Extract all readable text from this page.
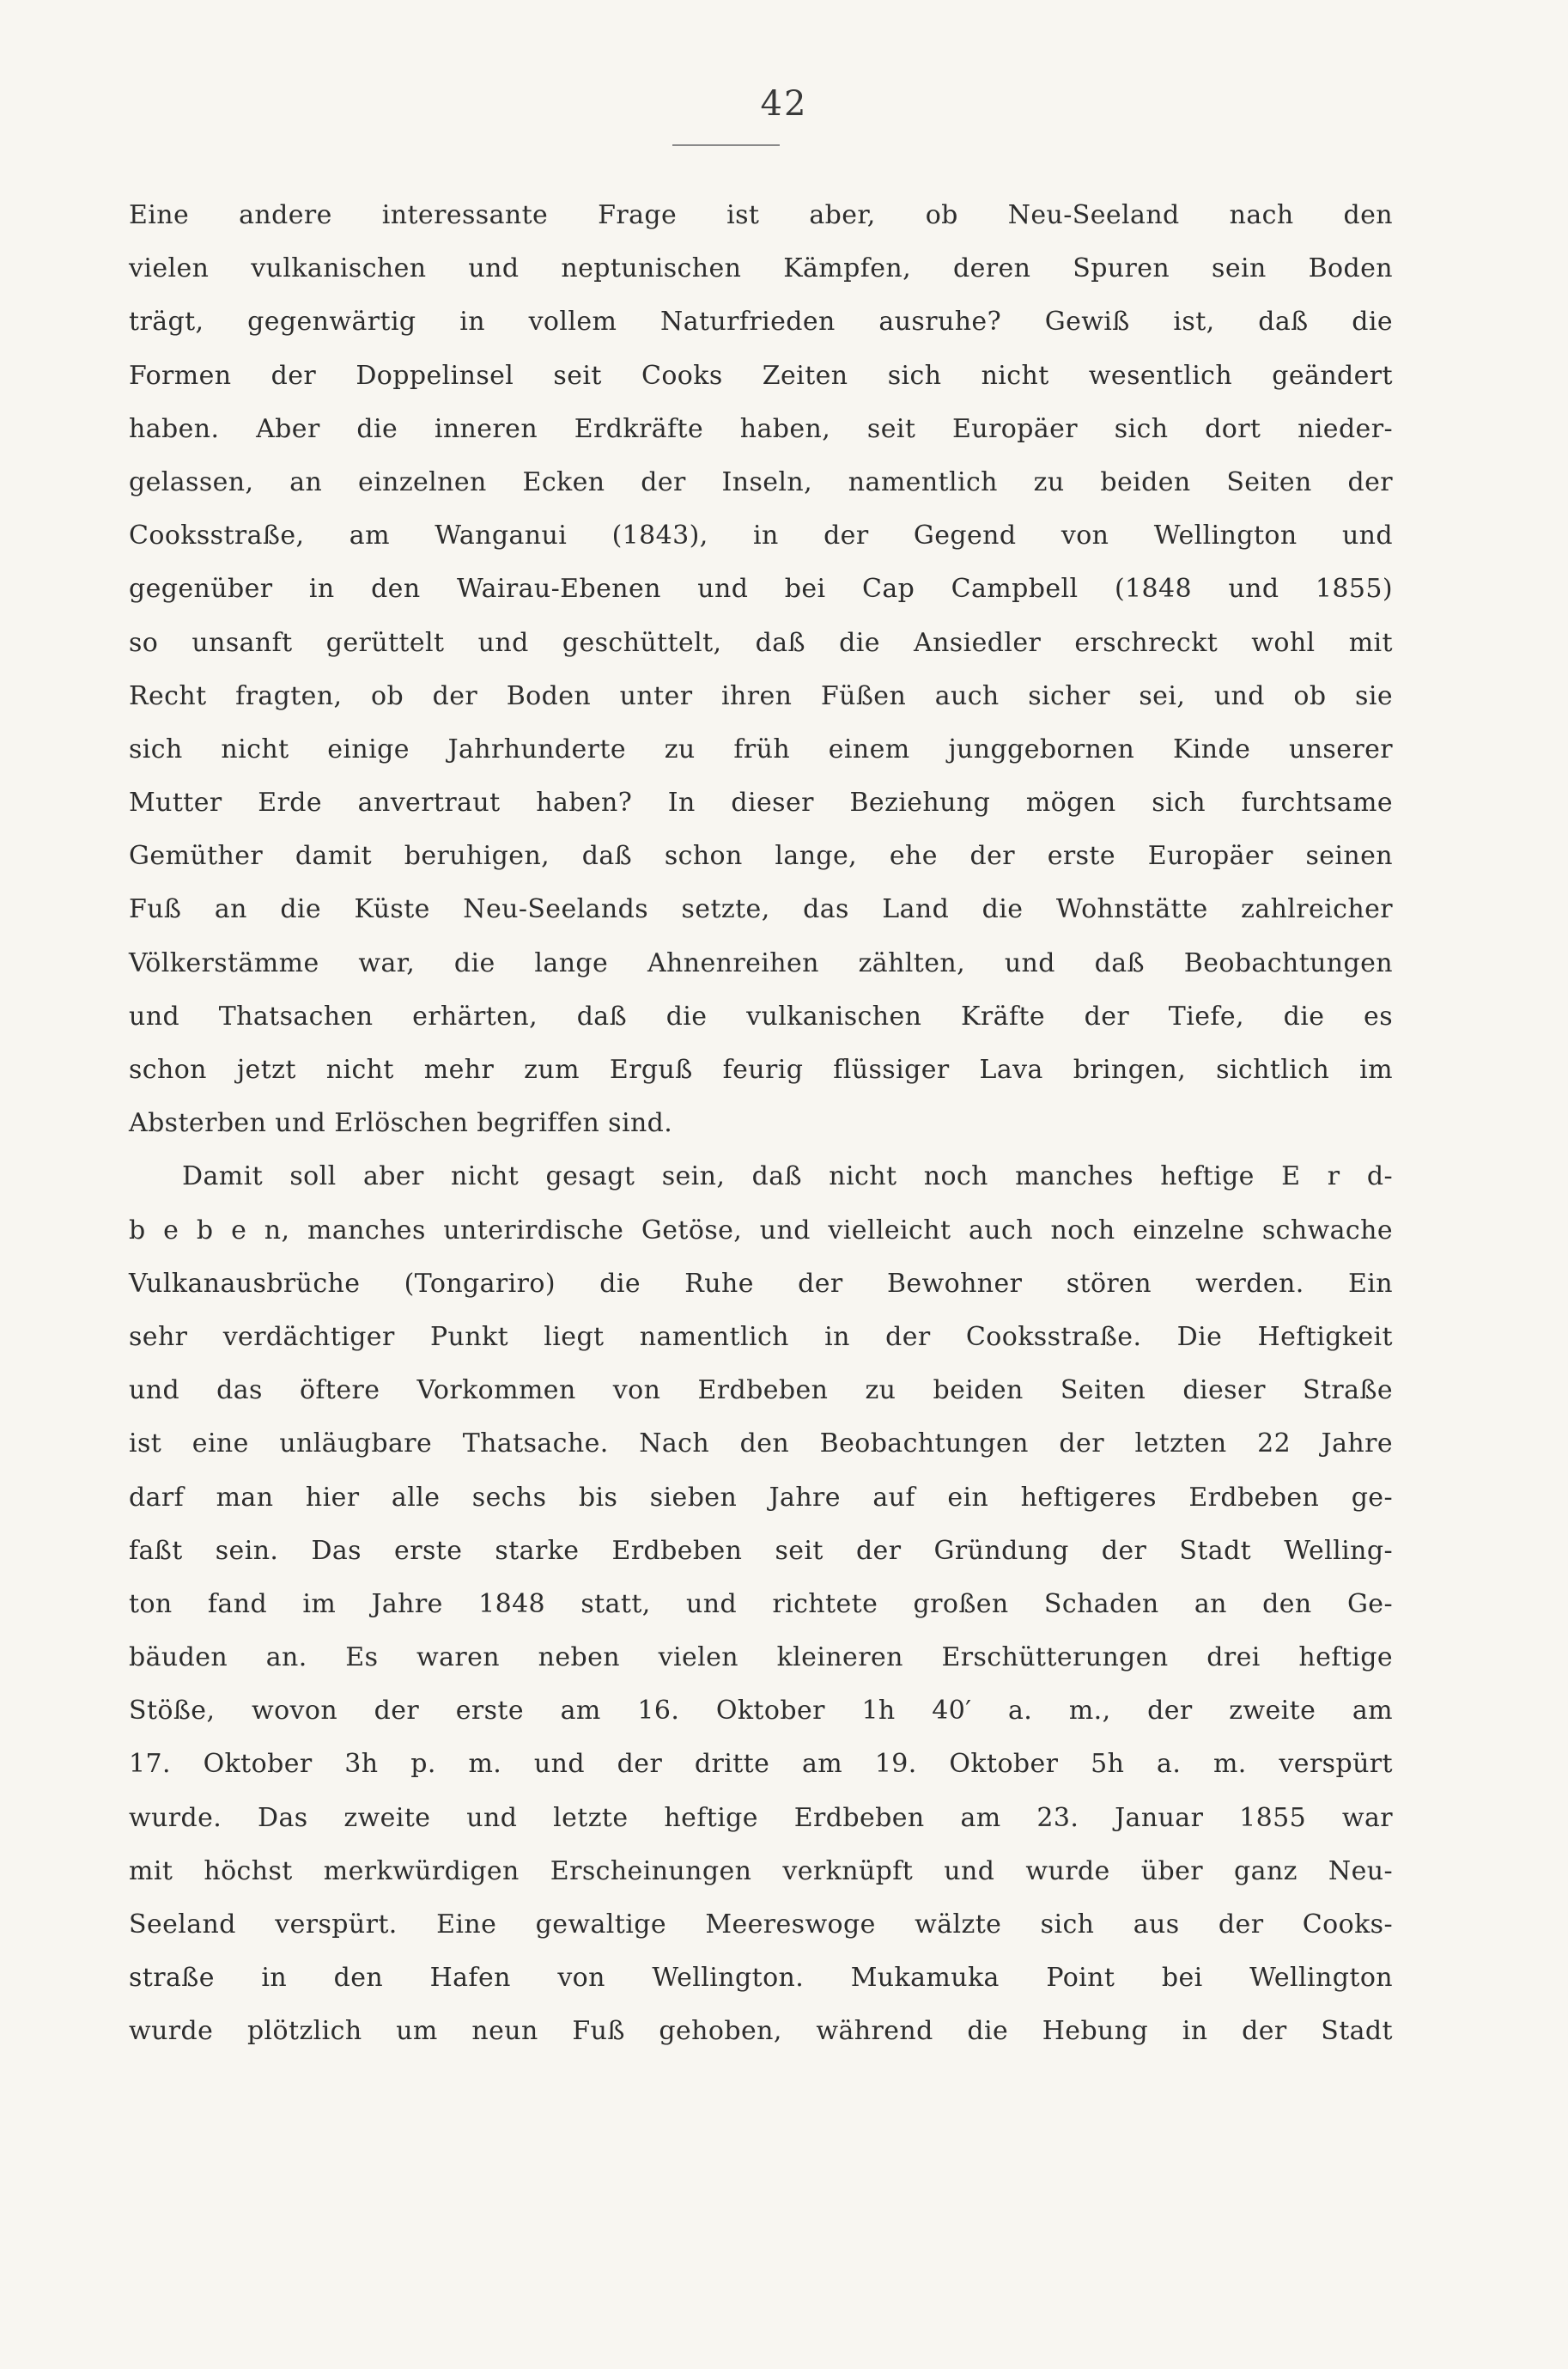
42
Eine andere interessante Frage ist aber, ob Neu-Seeland nach den
vielen vulkanischen und neptunischen Kämpfen, deren Spuren sein Boden
trägt, gegenwärtig in vollem Naturfrieden ausruhe? Gewiß ist, daß die
Formen der Doppelinsel seit Cooks Zeiten sich nicht wesentlich geändert
haben. Aber die inneren Erdkräfte haben, seit Europäer sich dort nieder-
gelassen, an einzelnen Ecken der Inseln, namentlich zu beiden Seiten der
Cooksstraße, am Wanganui (1843), in der Gegend von Wellington und
gegenüber in den Wairau-Ebenen und bei Cap Campbell (1848 und 1855)
so unsanft gerüttelt und geschüttelt, daß die Ansiedler erschreckt wohl mit
Recht fragten, ob der Boden unter ihren Füßen auch sicher sei, und ob sie
sich nicht einige Jahrhunderte zu früh einem junggebornen Kinde unserer
Mutter Erde anvertraut haben? In dieser Beziehung mögen sich furchtsame
Gemüther damit beruhigen, daß schon lange, ehe der erste Europäer seinen
Fuß an die Küste Neu-Seelands setzte, das Land die Wohnstätte zahlreicher
Völkerstämme war, die lange Ahnenreihen zählten, und daß Beobachtungen
und Thatsachen erhärten, daß die vulkanischen Kräfte der Tiefe, die es
schon jetzt nicht mehr zum Erguß feurig flüssiger Lava bringen, sichtlich im
Absterben und Erlöschen begriffen sind.
Damit soll aber nicht gesagt sein, daß nicht noch manches heftige E r d-
b e b e n, manches unterirdische Getöse, und vielleicht auch noch einzelne schwache
Vulkanausbrüche (Tongariro) die Ruhe der Bewohner stören werden. Ein
sehr verdächtiger Punkt liegt namentlich in der Cooksstraße. Die Heftigkeit
und das öftere Vorkommen von Erdbeben zu beiden Seiten dieser Straße
ist eine unläugbare Thatsache. Nach den Beobachtungen der letzten 22 Jahre
darf man hier alle sechs bis sieben Jahre auf ein heftigeres Erdbeben ge-
faßt sein. Das erste starke Erdbeben seit der Gründung der Stadt Welling-
ton fand im Jahre 1848 statt, und richtete großen Schaden an den Ge-
bäuden an. Es waren neben vielen kleineren Erschütterungen drei heftige
Stöße, wovon der erste am 16. Oktober 1h 40′ a. m., der zweite am
17. Oktober 3h p. m. und der dritte am 19. Oktober 5h a. m. verspürt
wurde. Das zweite und letzte heftige Erdbeben am 23. Januar 1855 war
mit höchst merkwürdigen Erscheinungen verknüpft und wurde über ganz Neu-
Seeland verspürt. Eine gewaltige Meereswoge wälzte sich aus der Cooks-
straße in den Hafen von Wellington. Mukamuka Point bei Wellington
wurde plötzlich um neun Fuß gehoben, während die Hebung in der Stadt
